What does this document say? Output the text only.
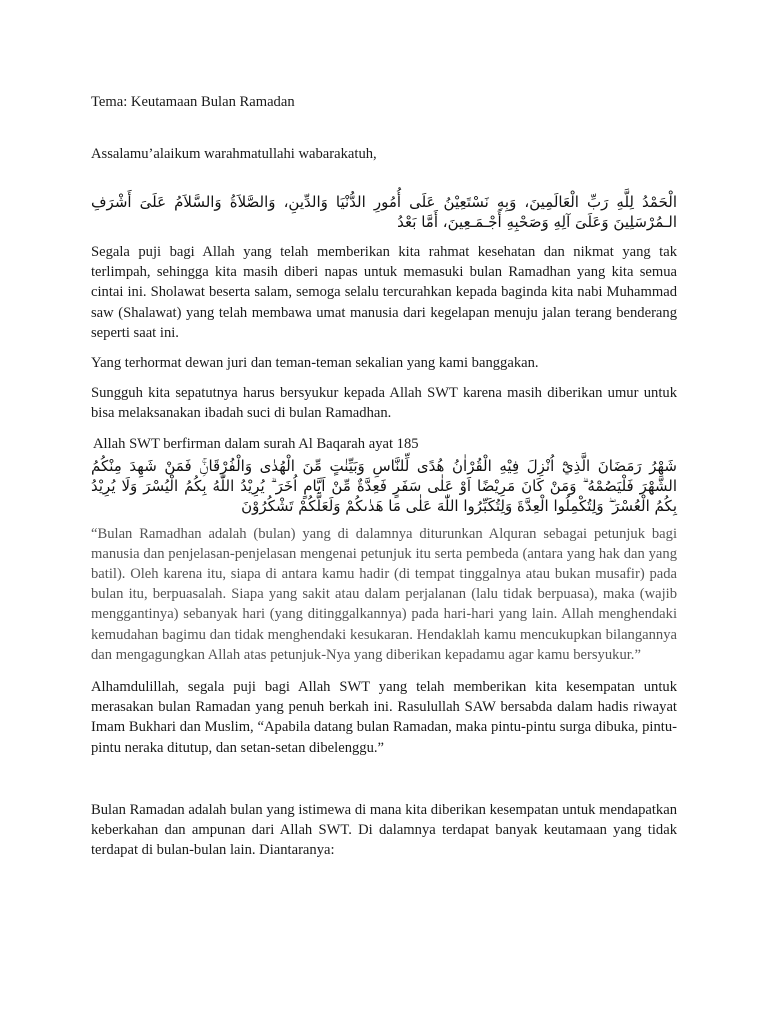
Tema: Keutamaan Bulan Ramadan

Assalamu’alaikum warahmatullahi wabarakatuh,

الْحَمْدُ لِلَّهِ رَبِّ الْعَالَمِينَ، وَبِهِ نَسْتَعِيْنُ عَلَى أُمُورِ الدُّنْيَا وَالدِّينِ، وَالصَّلاَةُ وَالسَّلاَمُ عَلَىَ أَشْرَفِ الـمُرْسَلِينَ وَعَلَىَ آلِهِ وَصَحْبِهِ أَجْـمَـعِينَ، أَمَّا بَعْدُ

Segala puji bagi Allah yang telah memberikan kita rahmat kesehatan dan nikmat yang tak terlimpah, sehingga kita masih diberi napas untuk memasuki bulan Ramadhan yang kita semua cintai ini. Sholawat beserta salam, semoga selalu tercurahkan kepada baginda kita nabi Muhammad saw (Shalawat) yang telah membawa umat manusia dari kegelapan menuju jalan terang benderang seperti saat ini.

Yang terhormat dewan juri dan teman-teman sekalian yang kami banggakan.

Sungguh kita sepatutnya harus bersyukur kepada Allah SWT karena masih diberikan umur untuk bisa melaksanakan ibadah suci di bulan Ramadhan.

Allah SWT berfirman dalam surah Al Baqarah ayat 185

شَهْرُ رَمَضَانَ الَّذِيْٓ اُنْزِلَ فِيْهِ الْقُرْاٰنُ هُدًى لِّلنَّاسِ وَبَيِّنٰتٍ مِّنَ الْهُدٰى وَالْفُرْقَانِۚ فَمَنْ شَهِدَ مِنْكُمُ الشَّهْرَ فَلْيَصُمْهُ ۗ وَمَنْ كَانَ مَرِيْضًا اَوْ عَلٰى سَفَرٍ فَعِدَّةٌ مِّنْ اَيَّامٍ اُخَرَ ۗ يُرِيْدُ اللّٰهُ بِكُمُ الْيُسْرَ وَلَا يُرِيْدُ بِكُمُ الْعُسْرَ ۖ وَلِتُكْمِلُوا الْعِدَّةَ وَلِتُكَبِّرُوا اللّٰهَ عَلٰى مَا هَدٰىكُمْ وَلَعَلَّكُمْ تَشْكُرُوْنَ

“Bulan Ramadhan adalah (bulan) yang di dalamnya diturunkan Alquran sebagai petunjuk bagi manusia dan penjelasan-penjelasan mengenai petunjuk itu serta pembeda (antara yang hak dan yang batil). Oleh karena itu, siapa di antara kamu hadir (di tempat tinggalnya atau bukan musafir) pada bulan itu, berpuasalah. Siapa yang sakit atau dalam perjalanan (lalu tidak berpuasa), maka (wajib menggantinya) sebanyak hari (yang ditinggalkannya) pada hari-hari yang lain. Allah menghendaki kemudahan bagimu dan tidak menghendaki kesukaran. Hendaklah kamu mencukupkan bilangannya dan mengagungkan Allah atas petunjuk-Nya yang diberikan kepadamu agar kamu bersyukur.”

Alhamdulillah, segala puji bagi Allah SWT yang telah memberikan kita kesempatan untuk merasakan bulan Ramadan yang penuh berkah ini. Rasulullah SAW bersabda dalam hadis riwayat Imam Bukhari dan Muslim, “Apabila datang bulan Ramadan, maka pintu-pintu surga dibuka, pintu-pintu neraka ditutup, dan setan-setan dibelenggu.”

Bulan Ramadan adalah bulan yang istimewa di mana kita diberikan kesempatan untuk mendapatkan keberkahan dan ampunan dari Allah SWT. Di dalamnya terdapat banyak keutamaan yang tidak terdapat di bulan-bulan lain. Diantaranya:
